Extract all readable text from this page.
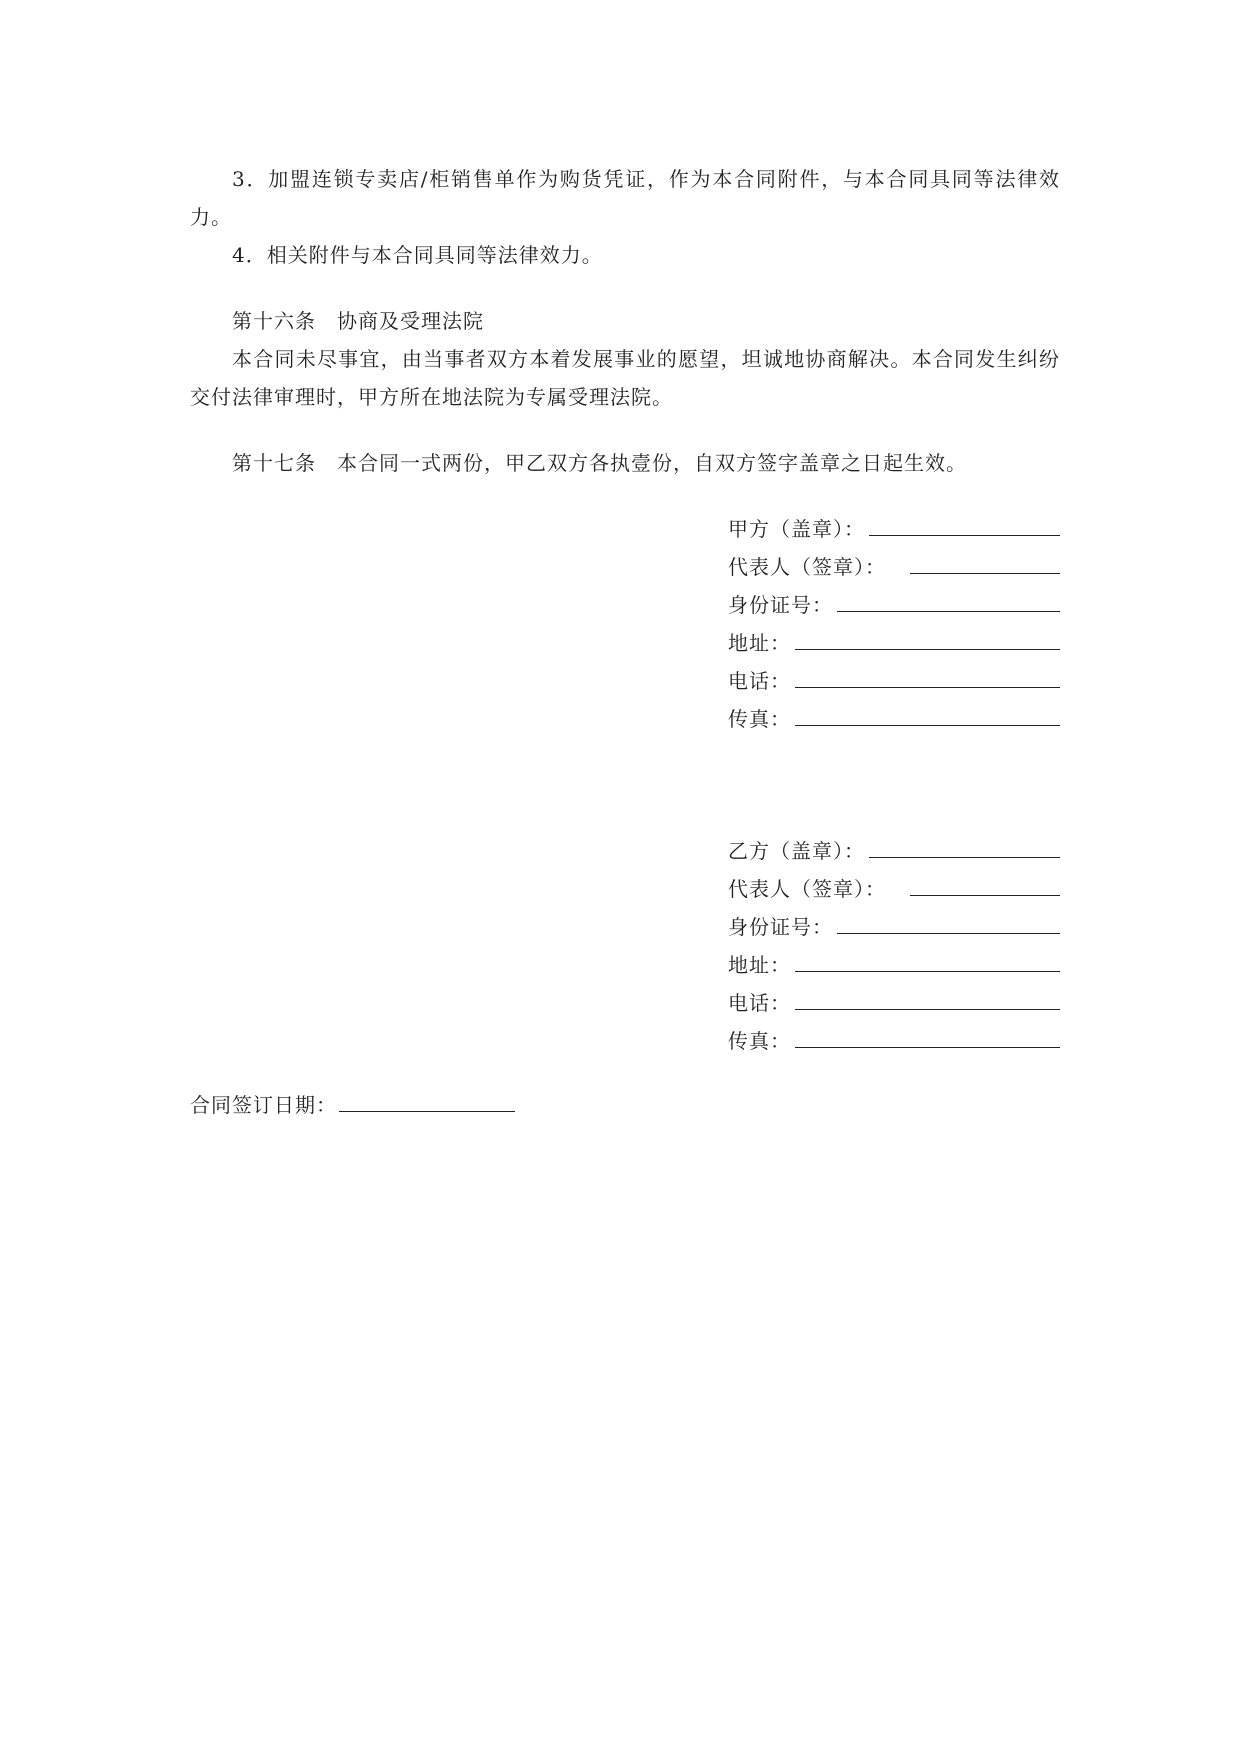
3．加盟连锁专卖店/柜销售单作为购货凭证，作为本合同附件，与本合同具同等法律效力。

4．相关附件与本合同具同等法律效力。

第十六条　协商及受理法院

本合同未尽事宜，由当事者双方本着发展事业的愿望，坦诚地协商解决。本合同发生纠纷交付法律审理时，甲方所在地法院为专属受理法院。

第十七条　本合同一式两份，甲乙双方各执壹份，自双方签字盖章之日起生效。

甲方（盖章）：
代表人（签章）：
身份证号：
地址：
电话：
传真：
乙方（盖章）：
代表人（签章）：
身份证号：
地址：
电话：
传真：
合同签订日期：
